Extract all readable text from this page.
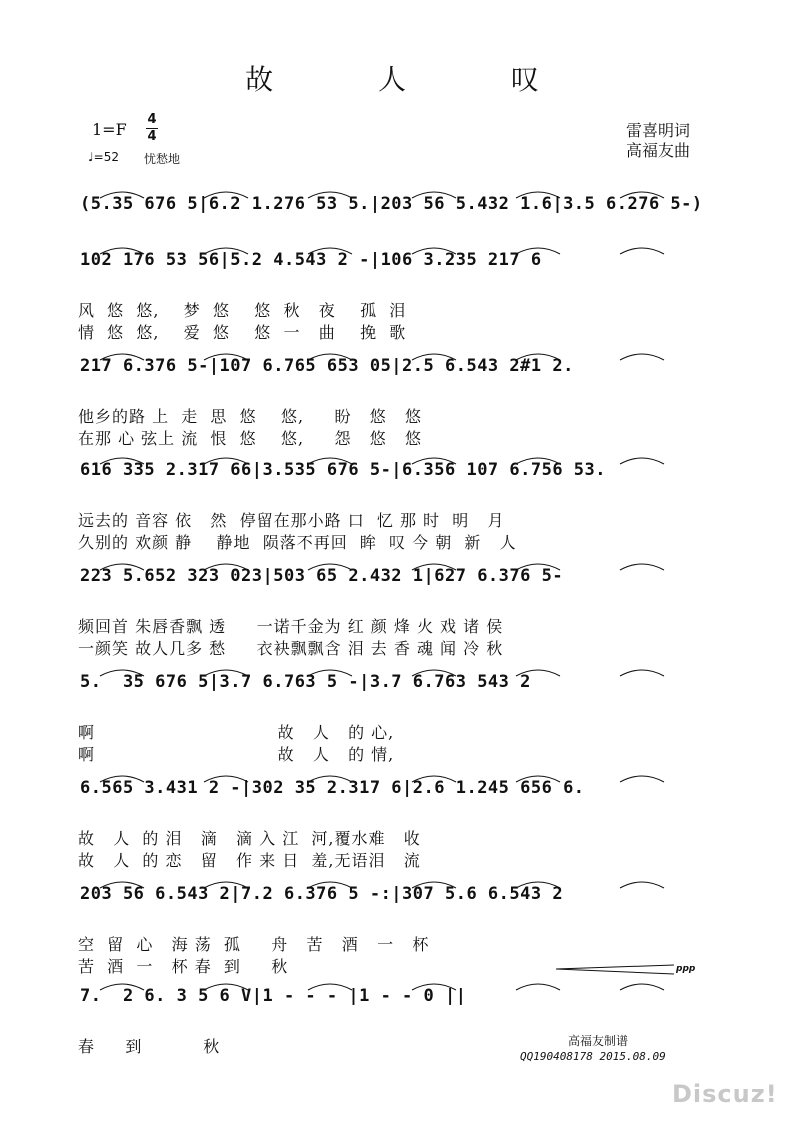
故 人 叹
1=F
4
4
♩=52 忧愁地
雷喜明词
高福友曲
(5.35 676 5|6.2 1.276 53 5.|203 56 5.432 1.6|3.5 6.276 5-)
102 176 53 56|5.2 4.543 2 -|106 3.235 217 6
风  悠  悠,    梦  悠    悠  秋   夜    孤  泪
情  悠  悠,    爱  悠    悠  一   曲    挽  歌
217 6.376 5-|107 6.765 653 05|2.5 6.543 2#1 2.
他乡的路 上  走  思  悠    悠,     盼   悠   悠
在那 心 弦上 流  恨  悠    悠,     怨   悠   悠
616 335 2.317 66|3.535 676 5-|6.356 107 6.756 53.
远去的 音容 依   然  停留在那小路 口  忆 那 时  明   月
久别的 欢颜 静    静地  陨落不再回  眸  叹 今 朝  新   人
223 5.652 323 023|503 65 2.432 1|627 6.376 5-
频回首 朱唇香飘 透     一诺千金为 红 颜 烽 火 戏 诸 侯
一颜笑 故人几多 愁     衣袂飘飘含 泪 去 香 魂 闻 冷 秋
5.  35 676 5|3.7 6.763 5 -|3.7 6.763 543 2
啊                              故   人   的 心,
啊                              故   人   的 情,
6.565 3.431 2 -|302 35 2.317 6|2.6 1.245 656 6.
故   人  的 泪   滴   滴 入 江  河,覆水难   收
故   人  的 恋   留   作 来 日  羞,无语泪   流
203 56 6.543 2|7.2 6.376 5 -:|307 5.6 6.543 2
空  留  心   海 荡  孤     舟   苦   酒   一   杯
苦  酒  一   杯 春  到     秋
7.  2 6. 3 5 6 V|1 - - - |1 - - 0 ||
春     到          秋
ppp
高福友制谱
QQ190408178 2015.08.09
Discuz!
